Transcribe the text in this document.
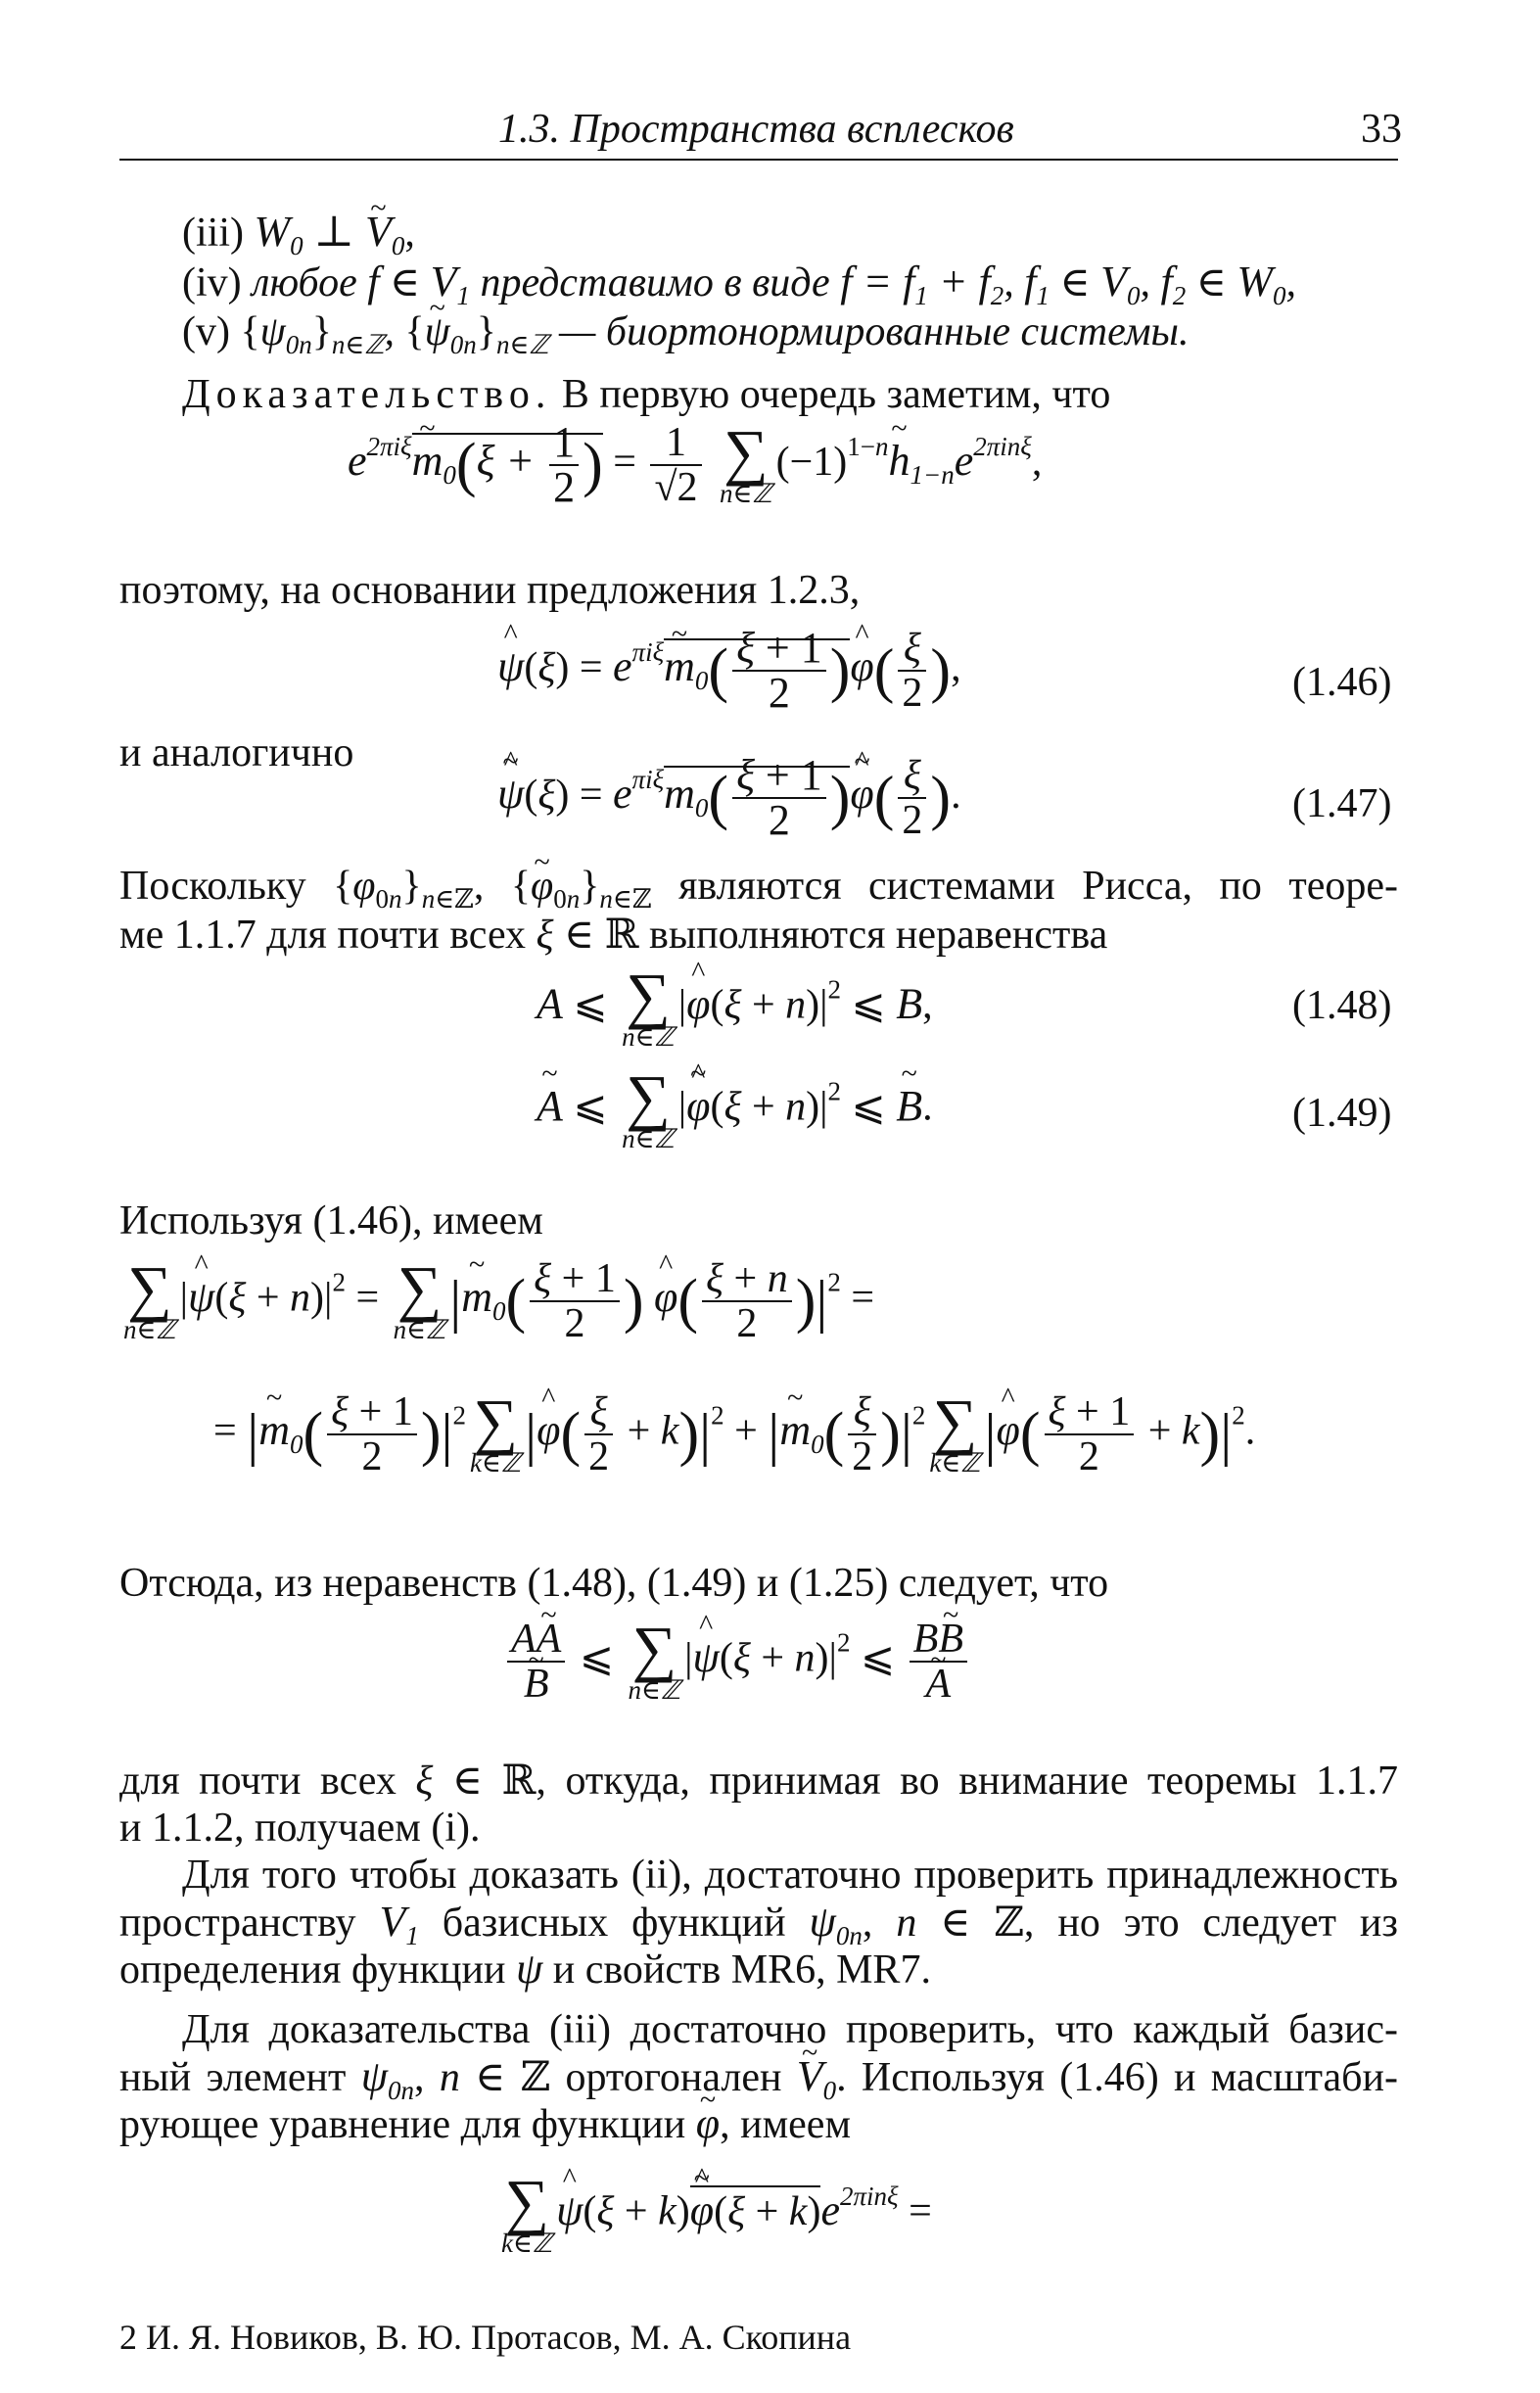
1.3. Пространства всплесков	33
(iii) $W_0$ ⊥ ~ $V_0$,
(iv) любое f ∈ $V_1$ представимо в виде $f = f_1 + f_2$, $f_1$ ∈ $V_0$, $f_2$ ∈ $W_0$,
(v) $\{\psi_{0n}\}_{n\in ℤ}$, {~ $\psi_{0n}\}_{n\in ℤ}$ — биортонормированные системы.
Доказательство. В первую очередь заметим, что
$e^{2\pi i\xi}\sim$ $m_0(\xi + \frac{1}{2}$ ) = $\frac{1}{√2}$
∑
n∈ℤ
$(-1)^{1-n}\sim$ $h_{1-n}e^{2\pi in\xi}$,
поэтому, на основании предложения 1.2.3,
^ $\psi(\xi) = e^{\pi i\xi}\sim$ $m_0( \frac{\xi + 1}{2}$ )^ $\varphi( \frac{\xi}{2}$ ),	(1.46)
и аналогично
~ ^ $\psi(\xi) = e^{\pi i\xi}m_0( \frac{\xi + 1}{2}$ )~ ^ $\varphi( \frac{\xi}{2}$ ).	(1.47)
Поскольку $\{\varphi_{0n}\}_{n\in ℤ}$, {~ $\varphi_{0n}\}_{n\in ℤ}$ являются системами Рисса, по теоре-
ме 1.1.7 для почти всех ξ ∈ ℝ выполняются неравенства
A ⩽ ∑
n∈ℤ
|^ $\varphi(\xi + n)|^2$ ⩽ B,	(1.48)
~ A ⩽ ∑
n∈ℤ
|~ ^ $\varphi(\xi + n)|^2$ ⩽ ~ B.	(1.49)
Используя (1.46), имеем
∑
n∈ℤ
|^ $\psi(\xi + n)|^2$ = ∑
n∈ℤ |~ $m_0( \frac{\xi + 1}{2}$ ) ^ $\varphi( \frac{\xi + n}{2} )|^2$ =
= |~ $m_0( \frac{\xi + 1}{2} )|^2$ ∑
k∈ℤ |^ $\varphi( \frac{\xi}{2} + k)|^2$ + |~ $m_0( \frac{\xi}{2} )|^2$ ∑
k∈ℤ |^ $\varphi( \frac{\xi + 1}{2} + k)|^2$.
Отсюда, из неравенств (1.48), (1.49) и (1.25) следует, что
A~ A
~ B ⩽ ∑
n∈ℤ
|^ $\psi(\xi + n)|^2$ ⩽ B~ B
~ A
для почти всех ξ ∈ ℝ, откуда, принимая во внимание теоремы 1.1.7
и 1.1.2, получаем (i).
Для того чтобы доказать (ii), достаточно проверить принадлежность
пространству $V_1$ базисных функций $\psi_{0n}$, n ∈ ℤ, но это следует из
определения функции ψ и свойств MR6, MR7.
Для доказательства (iii) достаточно проверить, что каждый базис-
ный элемент $\psi_{0n}$, n ∈ ℤ ортогонален ~ $V_0$. Используя (1.46) и масштаби-
рующее уравнение для функции ~ φ, имеем
∑
k∈ℤ
^ ψ(ξ + k)~ ^ $\varphi(\xi + k)e^{2\pi in\xi}$ =
2 И. Я. Новиков, В. Ю. Протасов, М. А. Скопина
